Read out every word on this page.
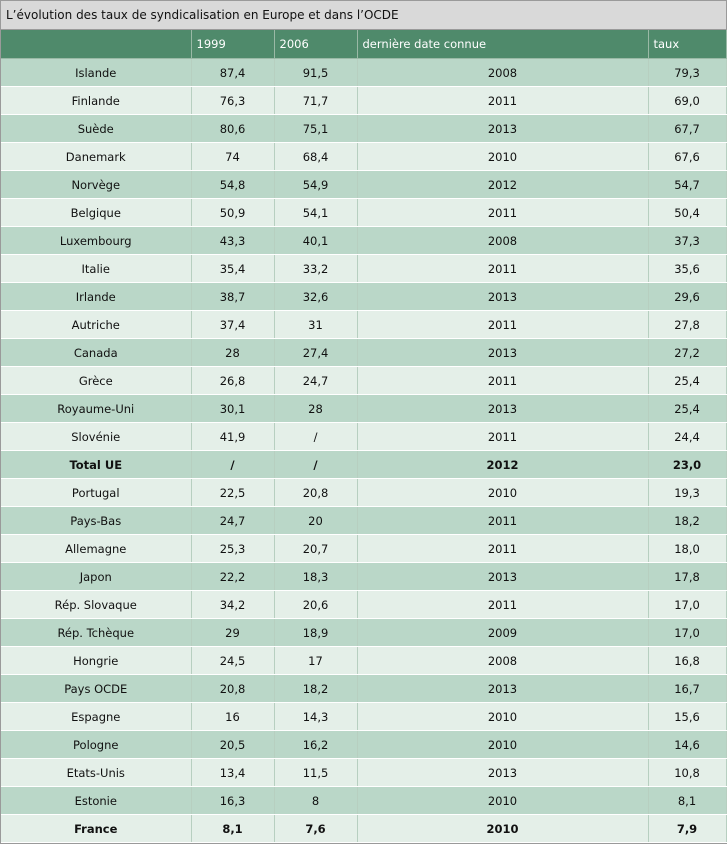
L’évolution des taux de syndicalisation en Europe et dans l’OCDE
	1999	2006	dernière date connue	taux
Islande	87,4	91,5	2008	79,3
Finlande	76,3	71,7	2011	69,0
Suède	80,6	75,1	2013	67,7
Danemark	74	68,4	2010	67,6
Norvège	54,8	54,9	2012	54,7
Belgique	50,9	54,1	2011	50,4
Luxembourg	43,3	40,1	2008	37,3
Italie	35,4	33,2	2011	35,6
Irlande	38,7	32,6	2013	29,6
Autriche	37,4	31	2011	27,8
Canada	28	27,4	2013	27,2
Grèce	26,8	24,7	2011	25,4
Royaume-Uni	30,1	28	2013	25,4
Slovénie	41,9	/	2011	24,4
Total UE	/	/	2012	23,0
Portugal	22,5	20,8	2010	19,3
Pays-Bas	24,7	20	2011	18,2
Allemagne	25,3	20,7	2011	18,0
Japon	22,2	18,3	2013	17,8
Rép. Slovaque	34,2	20,6	2011	17,0
Rép. Tchèque	29	18,9	2009	17,0
Hongrie	24,5	17	2008	16,8
Pays OCDE	20,8	18,2	2013	16,7
Espagne	16	14,3	2010	15,6
Pologne	20,5	16,2	2010	14,6
Etats-Unis	13,4	11,5	2013	10,8
Estonie	16,3	8	2010	8,1
France	8,1	7,6	2010	7,9
